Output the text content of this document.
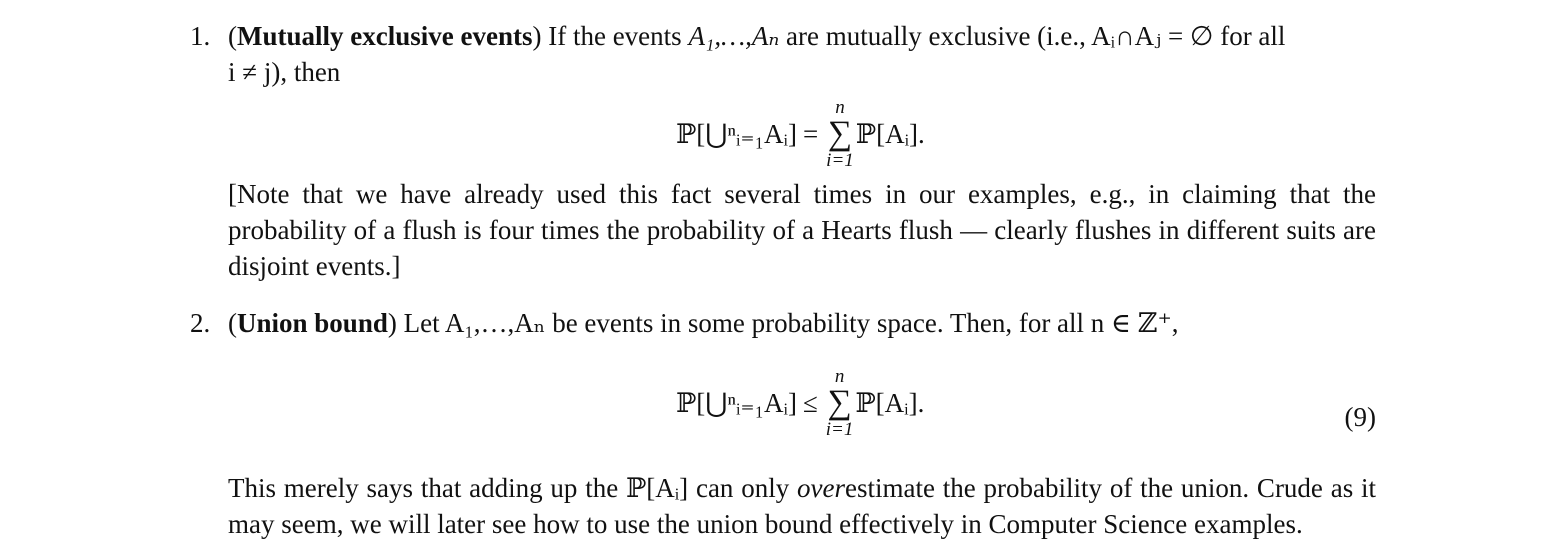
1. (Mutually exclusive events) If the events A₁,…,Aₙ are mutually exclusive (i.e., Aᵢ∩Aⱼ = ∅ for all

i ≠ j), then

ℙ[⋃ⁿᵢ₌₁Aᵢ] =
n
∑
i=1
ℙ[Aᵢ].

[Note that we have already used this fact several times in our examples, e.g., in claiming that the probability of a flush is four times the probability of a Hearts flush — clearly flushes in different suits are disjoint events.]

2. (Union bound) Let A₁,…,Aₙ be events in some probability space. Then, for all n ∈ ℤ⁺,

ℙ[⋃ⁿᵢ₌₁Aᵢ] ≤
n
∑
i=1
ℙ[Aᵢ].	(9)

This merely says that adding up the ℙ[Aᵢ] can only overestimate the probability of the union. Crude as it may seem, we will later see how to use the union bound effectively in Computer Science examples.
